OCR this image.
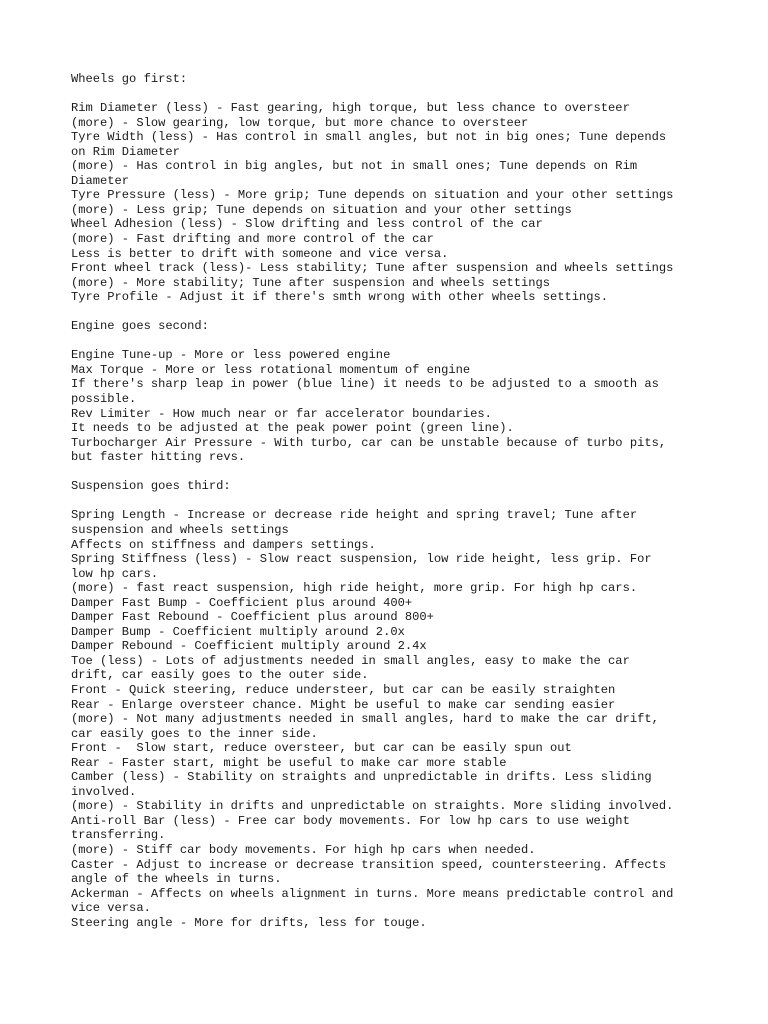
Wheels go first:
Rim Diameter (less) - Fast gearing, high torque, but less chance to oversteer
(more) - Slow gearing, low torque, but more chance to oversteer
Tyre Width (less) - Has control in small angles, but not in big ones; Tune depends
on Rim Diameter
(more) - Has control in big angles, but not in small ones; Tune depends on Rim
Diameter
Tyre Pressure (less) - More grip; Tune depends on situation and your other settings
(more) - Less grip; Tune depends on situation and your other settings
Wheel Adhesion (less) - Slow drifting and less control of the car
(more) - Fast drifting and more control of the car
Less is better to drift with someone and vice versa.
Front wheel track (less)- Less stability; Tune after suspension and wheels settings
(more) - More stability; Tune after suspension and wheels settings
Tyre Profile - Adjust it if there's smth wrong with other wheels settings.
Engine goes second:
Engine Tune-up - More or less powered engine
Max Torque - More or less rotational momentum of engine
If there's sharp leap in power (blue line) it needs to be adjusted to a smooth as
possible.
Rev Limiter - How much near or far accelerator boundaries.
It needs to be adjusted at the peak power point (green line).
Turbocharger Air Pressure - With turbo, car can be unstable because of turbo pits,
but faster hitting revs.
Suspension goes third:
Spring Length - Increase or decrease ride height and spring travel; Tune after
suspension and wheels settings
Affects on stiffness and dampers settings.
Spring Stiffness (less) - Slow react suspension, low ride height, less grip. For
low hp cars.
(more) - fast react suspension, high ride height, more grip. For high hp cars.
Damper Fast Bump - Coefficient plus around 400+
Damper Fast Rebound - Coefficient plus around 800+
Damper Bump - Coefficient multiply around 2.0x
Damper Rebound - Coefficient multiply around 2.4x
Toe (less) - Lots of adjustments needed in small angles, easy to make the car
drift, car easily goes to the outer side.
Front - Quick steering, reduce understeer, but car can be easily straighten
Rear - Enlarge oversteer chance. Might be useful to make car sending easier
(more) - Not many adjustments needed in small angles, hard to make the car drift,
car easily goes to the inner side.
Front -  Slow start, reduce oversteer, but car can be easily spun out
Rear - Faster start, might be useful to make car more stable
Camber (less) - Stability on straights and unpredictable in drifts. Less sliding
involved.
(more) - Stability in drifts and unpredictable on straights. More sliding involved.
Anti-roll Bar (less) - Free car body movements. For low hp cars to use weight
transferring.
(more) - Stiff car body movements. For high hp cars when needed.
Caster - Adjust to increase or decrease transition speed, countersteering. Affects
angle of the wheels in turns.
Ackerman - Affects on wheels alignment in turns. More means predictable control and
vice versa.
Steering angle - More for drifts, less for touge.
